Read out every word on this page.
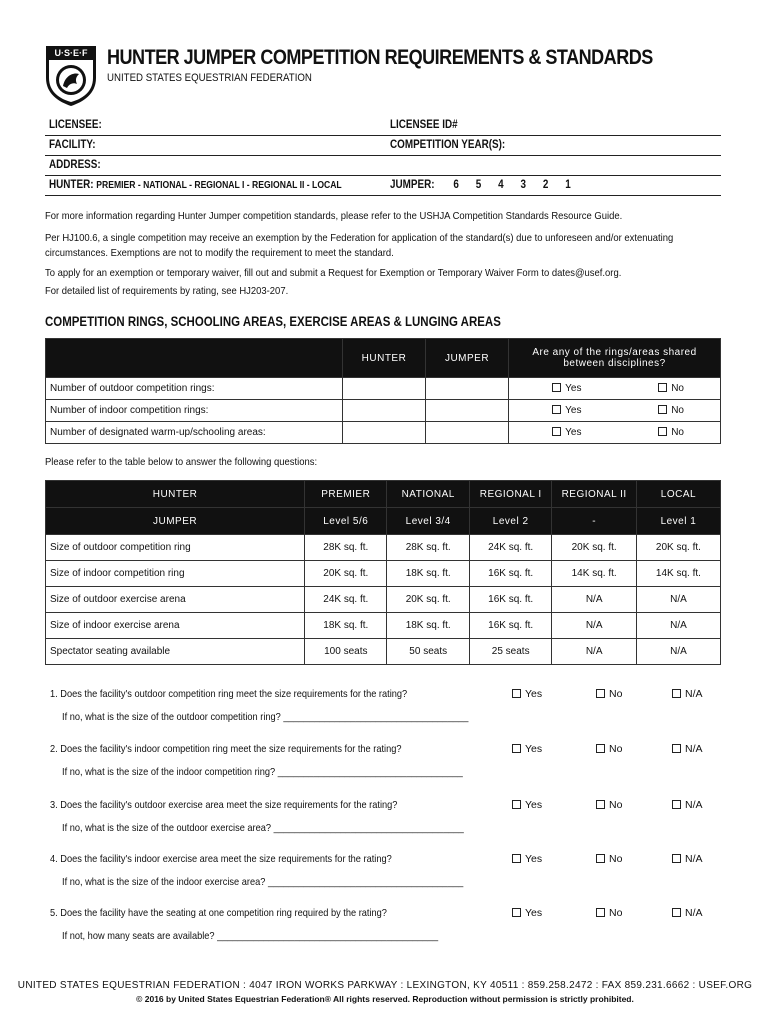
U·S·E·F HUNTER JUMPER COMPETITION REQUIREMENTS & STANDARDS
UNITED STATES EQUESTRIAN FEDERATION
LICENSEE:	LICENSEE ID#
FACILITY:	COMPETITION YEAR(S):
ADDRESS:
HUNTER: PREMIER - NATIONAL - REGIONAL I - REGIONAL II - LOCAL	JUMPER:	6 5 4 3 2 1
For more information regarding Hunter Jumper competition standards, please refer to the USHJA Competition Standards Resource Guide.
Per HJ100.6, a single competition may receive an exemption by the Federation for application of the standard(s) due to unforeseen and/or extenuating circumstances. Exemptions are not to modify the requirement to meet the standard.
To apply for an exemption or temporary waiver, fill out and submit a Request for Exemption or Temporary Waiver Form to dates@usef.org.
For detailed list of requirements by rating, see HJ203-207.
COMPETITION RINGS, SCHOOLING AREAS, EXERCISE AREAS & LUNGING AREAS
	HUNTER	JUMPER	Are any of the rings/areas shared between disciplines?	
Number of outdoor competition rings:			Yes	No
Number of indoor competition rings:			Yes	No
Number of designated warm-up/schooling areas:			Yes	No
Please refer to the table below to answer the following questions:
HUNTER	PREMIER	NATIONAL	REGIONAL I	REGIONAL II	LOCAL
JUMPER	Level 5/6	Level 3/4	Level 2	-	Level 1
Size of outdoor competition ring	28K sq. ft.	28K sq. ft.	24K sq. ft.	20K sq. ft.	20K sq. ft.
Size of indoor competition ring	20K sq. ft.	18K sq. ft.	16K sq. ft.	14K sq. ft.	14K sq. ft.
Size of outdoor exercise arena	24K sq. ft.	20K sq. ft.	16K sq. ft.	N/A	N/A
Size of indoor exercise arena	18K sq. ft.	18K sq. ft.	16K sq. ft.	N/A	N/A
Spectator seating available	100 seats	50 seats	25 seats	N/A	N/A
1. Does the facility's outdoor competition ring meet the size requirements for the rating?	Yes	No	N/A
If no, what is the size of the outdoor competition ring? ____________________________________
2. Does the facility's indoor competition ring meet the size requirements for the rating?	Yes	No	N/A
If no, what is the size of the indoor competition ring? ____________________________________
3. Does the facility's outdoor exercise area meet the size requirements for the rating?	Yes	No	N/A
If no, what is the size of the outdoor exercise area? _____________________________________
4. Does the facility's indoor exercise area meet the size requirements for the rating?	Yes	No	N/A
If no, what is the size of the indoor exercise area? ______________________________________
5. Does the facility have the seating at one competition ring required by the rating?	Yes	No	N/A
If not, how many seats are available? ___________________________________________
UNITED STATES EQUESTRIAN FEDERATION : 4047 IRON WORKS PARKWAY : LEXINGTON, KY 40511 : 859.258.2472 : FAX 859.231.6662 : USEF.ORG
© 2016 by United States Equestrian Federation® All rights reserved. Reproduction without permission is strictly prohibited.
